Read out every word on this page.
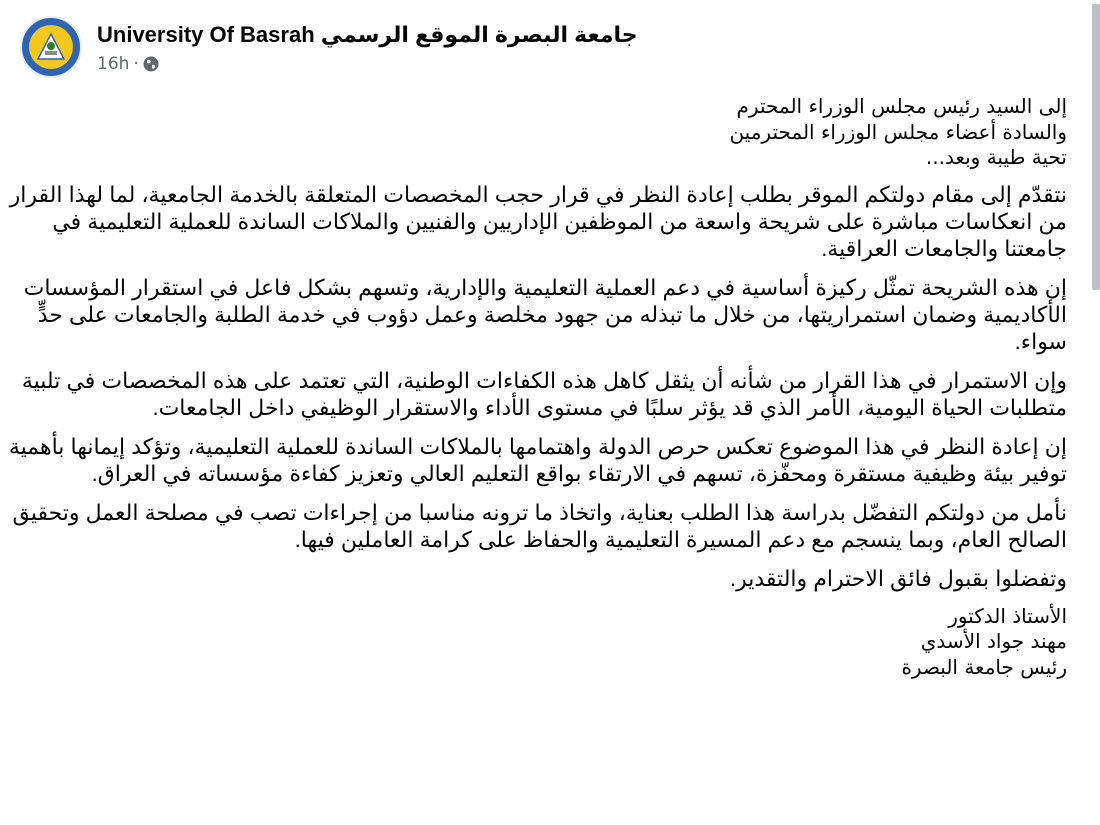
University Of Basrah جامعة البصرة الموقع الرسمي
16h ·

إلى السيد رئيس مجلس الوزراء المحترم
والسادة أعضاء مجلس الوزراء المحترمين
تحية طيبة وبعد...

نتقدّم إلى مقام دولتكم الموقر بطلب إعادة النظر في قرار حجب المخصصات المتعلقة بالخدمة الجامعية، لما لهذا القرار من انعكاسات مباشرة على شريحة واسعة من الموظفين الإداريين والفنيين والملاكات الساندة للعملية التعليمية في جامعتنا والجامعات العراقية.

إن هذه الشريحة تمثّل ركيزة أساسية في دعم العملية التعليمية والإدارية، وتسهم بشكل فاعل في استقرار المؤسسات الأكاديمية وضمان استمراريتها، من خلال ما تبذله من جهود مخلصة وعمل دؤوب في خدمة الطلبة والجامعات على حدٍّ سواء.

وإن الاستمرار في هذا القرار من شأنه أن يثقل كاهل هذه الكفاءات الوطنية، التي تعتمد على هذه المخصصات في تلبية متطلبات الحياة اليومية، الأمر الذي قد يؤثر سلبًا في مستوى الأداء والاستقرار الوظيفي داخل الجامعات.

إن إعادة النظر في هذا الموضوع تعكس حرص الدولة واهتمامها بالملاكات الساندة للعملية التعليمية، وتؤكد إيمانها بأهمية توفير بيئة وظيفية مستقرة ومحفّزة، تسهم في الارتقاء بواقع التعليم العالي وتعزيز كفاءة مؤسساته في العراق.

نأمل من دولتكم التفضّل بدراسة هذا الطلب بعناية، واتخاذ ما ترونه مناسبا من إجراءات تصب في مصلحة العمل وتحقيق الصالح العام، وبما ينسجم مع دعم المسيرة التعليمية والحفاظ على كرامة العاملين فيها.

وتفضلوا بقبول فائق الاحترام والتقدير.

الأستاذ الدكتور
مهند جواد الأسدي
رئيس جامعة البصرة
